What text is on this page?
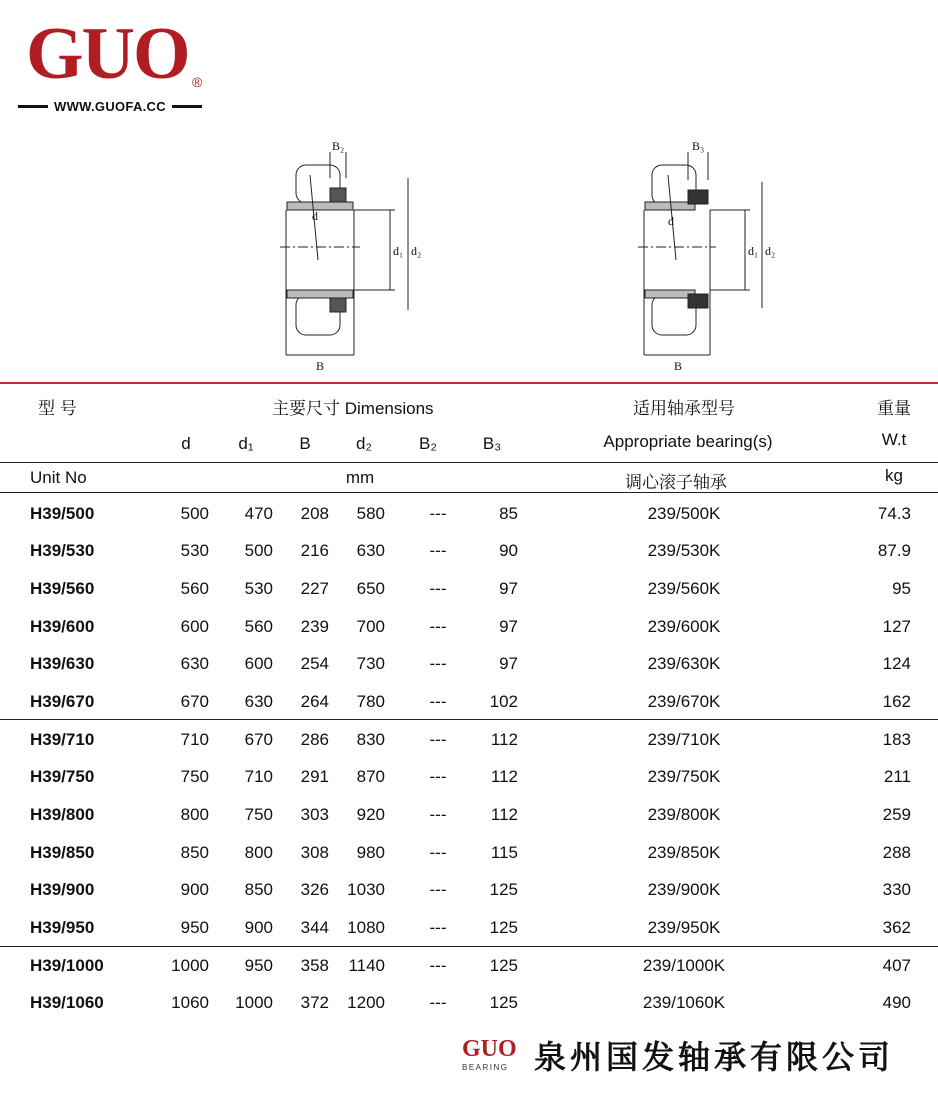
GUO ®
WWW.GUOFA.CC
B₂
d
d₁ d₂
B
B₃
d
d₁ d₂
B
型 号	主要尺寸 Dimensions	适用轴承型号	重量
d	d₁	B	d₂	B₂	B₃	Appropriate bearing(s)	W.t
Unit No	mm	调心滚子轴承	kg
H39/500	500 470 208 580	---	85	239/500K	74.3
H39/530	530 500 216 630	---	90	239/530K	87.9
H39/560	560 530 227 650	---	97	239/560K	95
H39/600	600 560 239 700	---	97	239/600K	127
H39/630	630 600 254 730	---	97	239/630K	124
H39/670	670 630 264 780	---	102	239/670K	162
H39/710	710 670 286 830	---	112	239/710K	183
H39/750	750 710 291 870	---	112	239/750K	211
H39/800	800 750 303 920	---	112	239/800K	259
H39/850	850 800 308 980	---	115	239/850K	288
H39/900	900 850 326 1030	---	125	239/900K	330
H39/950	950 900 344 1080	---	125	239/950K	362
H39/1000	1000 950 358 1140	---	125	239/1000K	407
H39/1060	1060 1000 372 1200	---	125	239/1060K	490
GUO
BEARING 泉州国发轴承有限公司
